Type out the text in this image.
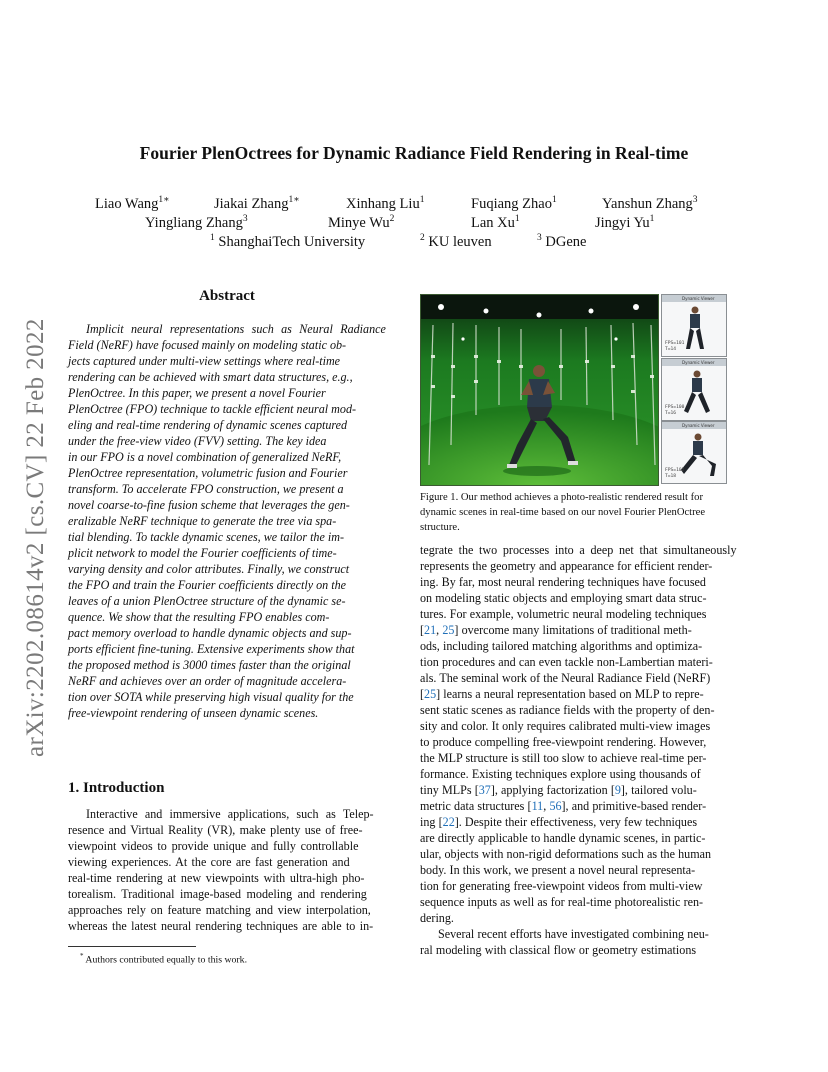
arXiv:2202.08614v2 [cs.CV] 22 Feb 2022
Fourier PlenOctrees for Dynamic Radiance Field Rendering in Real-time
Liao Wang$^{1∗}$	Jiakai Zhang$^{1∗}$	Xinhang Liu$^1$	Fuqiang Zhao$^1$	Yanshun Zhang$^3$
Yingliang Zhang$^3$	Minye Wu$^2$	Lan Xu$^1$	Jingyi Yu$^1$
$^1$ ShanghaiTech University	$^2$ KU leuven	$^3$ DGene
Abstract
Implicit neural representations such as Neural Radiance
Field (NeRF) have focused mainly on modeling static ob-
jects captured under multi-view settings where real-time
rendering can be achieved with smart data structures, e.g.,
PlenOctree. In this paper, we present a novel Fourier
PlenOctree (FPO) technique to tackle efficient neural mod-
eling and real-time rendering of dynamic scenes captured
under the free-view video (FVV) setting. The key idea
in our FPO is a novel combination of generalized NeRF,
PlenOctree representation, volumetric fusion and Fourier
transform. To accelerate FPO construction, we present a
novel coarse-to-fine fusion scheme that leverages the gen-
eralizable NeRF technique to generate the tree via spa-
tial blending. To tackle dynamic scenes, we tailor the im-
plicit network to model the Fourier coefficients of time-
varying density and color attributes. Finally, we construct
the FPO and train the Fourier coefficients directly on the
leaves of a union PlenOctree structure of the dynamic se-
quence. We show that the resulting FPO enables com-
pact memory overload to handle dynamic objects and sup-
ports efficient fine-tuning. Extensive experiments show that
the proposed method is 3000 times faster than the original
NeRF and achieves over an order of magnitude accelera-
tion over SOTA while preserving high visual quality for the
free-viewpoint rendering of unseen dynamic scenes.
1. Introduction
Interactive and immersive applications, such as Telep-
resence and Virtual Reality (VR), make plenty use of free-
viewpoint videos to provide unique and fully controllable
viewing experiences. At the core are fast generation and
real-time rendering at new viewpoints with ultra-high pho-
torealism. Traditional image-based modeling and rendering
approaches rely on feature matching and view interpolation,
whereas the latest neural rendering techniques are able to in-
* Authors contributed equally to this work.
Dynamic Viewer
FPS=101
T=14
Dynamic Viewer
FPS=100
T=16
Dynamic Viewer
FPS=102
T=18
Figure 1. Our method achieves a photo-realistic rendered result for
dynamic scenes in real-time based on our novel Fourier PlenOctree
structure.
tegrate the two processes into a deep net that simultaneously
represents the geometry and appearance for efficient render-
ing. By far, most neural rendering techniques have focused
on modeling static objects and employing smart data struc-
tures. For example, volumetric neural modeling techniques
[21, 25] overcome many limitations of traditional meth-
ods, including tailored matching algorithms and optimiza-
tion procedures and can even tackle non-Lambertian materi-
als. The seminal work of the Neural Radiance Field (NeRF)
[25] learns a neural representation based on MLP to repre-
sent static scenes as radiance fields with the property of den-
sity and color. It only requires calibrated multi-view images
to produce compelling free-viewpoint rendering. However,
the MLP structure is still too slow to achieve real-time per-
formance. Existing techniques explore using thousands of
tiny MLPs [37], applying factorization [9], tailored volu-
metric data structures [11, 56], and primitive-based render-
ing [22]. Despite their effectiveness, very few techniques
are directly applicable to handle dynamic scenes, in partic-
ular, objects with non-rigid deformations such as the human
body. In this work, we present a novel neural representa-
tion for generating free-viewpoint videos from multi-view
sequence inputs as well as for real-time photorealistic ren-
dering.
Several recent efforts have investigated combining neu-
ral modeling with classical flow or geometry estimations
